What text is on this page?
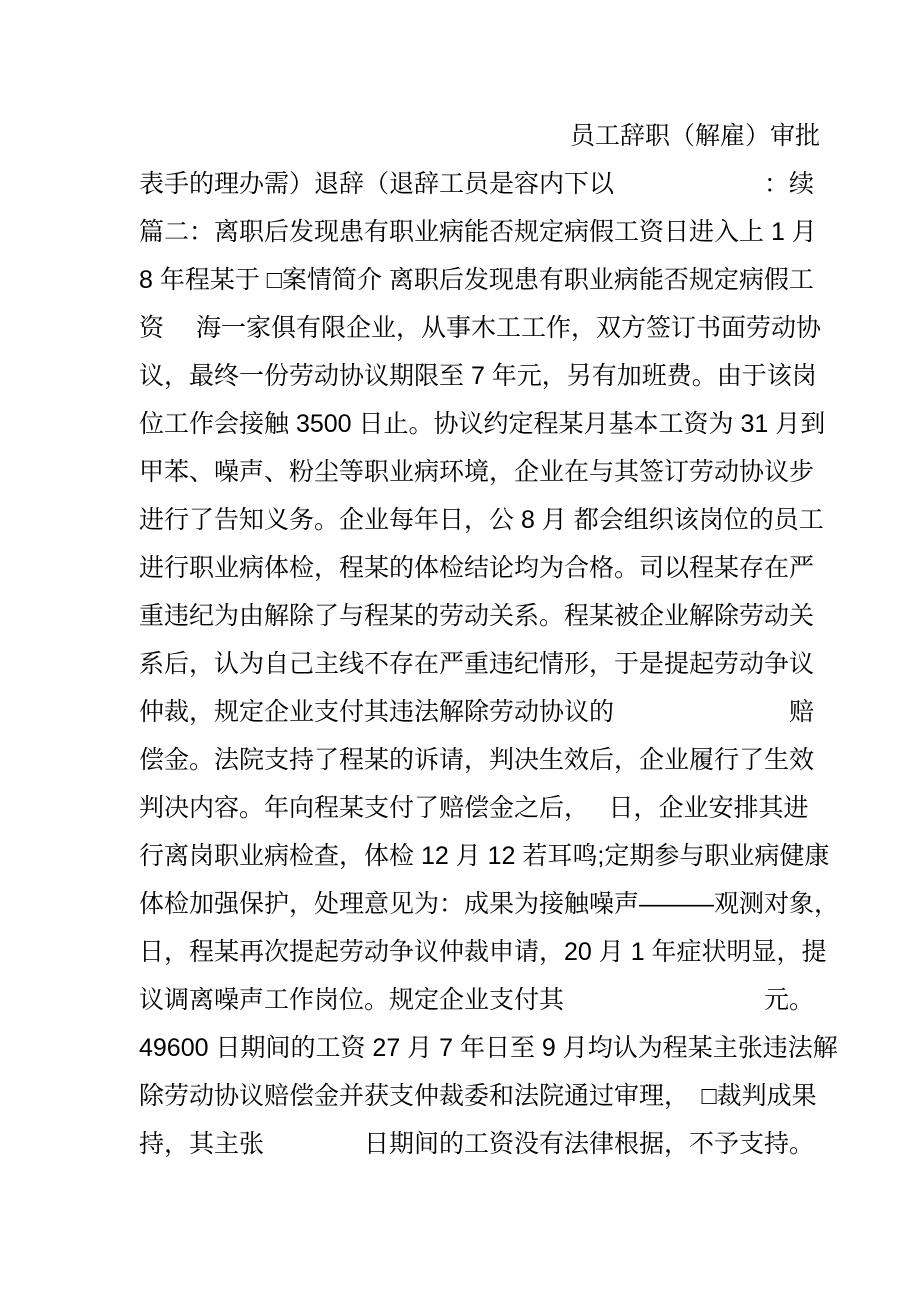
员工辞职（解雇）审批
表手的理办需）退辞（退辞工员是容内下以　　　　　　：续
篇二：离职后发现患有职业病能否规定病假工资日进入上 1 月
8 年程某于 □案情简介 离职后发现患有职业病能否规定病假工
资　 海一家俱有限企业，从事木工工作，双方签订书面劳动协
议，最终一份劳动协议期限至 7 年元，另有加班费。由于该岗
位工作会接触 3500 日止。协议约定程某月基本工资为 31 月到
甲苯、噪声、粉尘等职业病环境，企业在与其签订劳动协议步
进行了告知义务。企业每年日，公 8 月 都会组织该岗位的员工
进行职业病体检，程某的体检结论均为合格。司以程某存在严
重违纪为由解除了与程某的劳动关系。程某被企业解除劳动关
系后，认为自己主线不存在严重违纪情形，于是提起劳动争议
仲裁，规定企业支付其违法解除劳动协议的　　　　　　　赔
偿金。法院支持了程某的诉请，判决生效后，企业履行了生效
判决内容。年向程某支付了赔偿金之后，　 日，企业安排其进
行离岗职业病检查，体检 12 月 12 若耳鸣;定期参与职业病健康
体检加强保护，处理意见为：成果为接触噪声———观测对象，
日，程某再次提起劳动争议仲裁申请，20 月 1 年症状明显，提
议调离噪声工作岗位。规定企业支付其　　　　　　　　元。
49600 日期间的工资 27 月 7 年日至 9 月均认为程某主张违法解
除劳动协议赔偿金并获支仲裁委和法院通过审理，　□裁判成果
持，其主张　　　　日期间的工资没有法律根据，不予支持。
